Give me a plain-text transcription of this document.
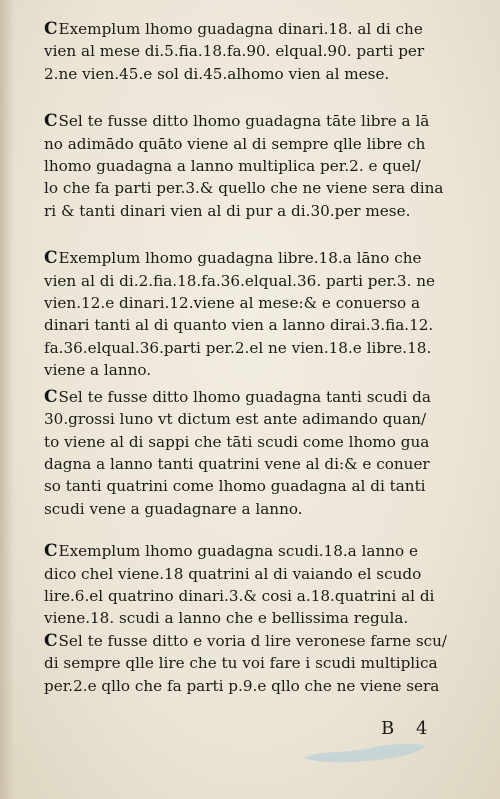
CExemplum lhomo guadagna dinari.18. al di che
vien al mese di.5.fia.18.fa.90. elqual.90. parti per
2.ne vien.45.e sol di.45.alhomo vien al mese.
CSel te fusse ditto lhomo guadagna tāte libre a lā
no adimādo quāto viene al di sempre qlle libre ch
lhomo guadagna a lanno multiplica per.2. e quel/
lo che fa parti per.3.& quello che ne viene sera dina
ri & tanti dinari vien al di pur a di.30.per mese.
CExemplum lhomo guadagna libre.18.a lāno che
vien al di di.2.fia.18.fa.36.elqual.36. parti per.3. ne
vien.12.e dinari.12.viene al mese:& e conuerso a
dinari tanti al di quanto vien a lanno dirai.3.fia.12.
fa.36.elqual.36.parti per.2.el ne vien.18.e libre.18.
viene a lanno.
CSel te fusse ditto lhomo guadagna tanti scudi da
30.grossi luno vt dictum est ante adimando quan/
to viene al di sappi che tāti scudi come lhomo gua
dagna a lanno tanti quatrini vene al di:& e conuer
so tanti quatrini come lhomo guadagna al di tanti
scudi vene a guadagnare a lanno.
CExemplum lhomo guadagna scudi.18.a lanno e
dico chel viene.18 quatrini al di vaiando el scudo
lire.6.el quatrino dinari.3.& cosi a.18.quatrini al di
viene.18. scudi a lanno che e bellissima regula.
CSel te fusse ditto e voria d lire veronese farne scu/
di sempre qlle lire che tu voi fare i scudi multiplica
per.2.e qllo che fa parti p.9.e qllo che ne viene sera
B 4
